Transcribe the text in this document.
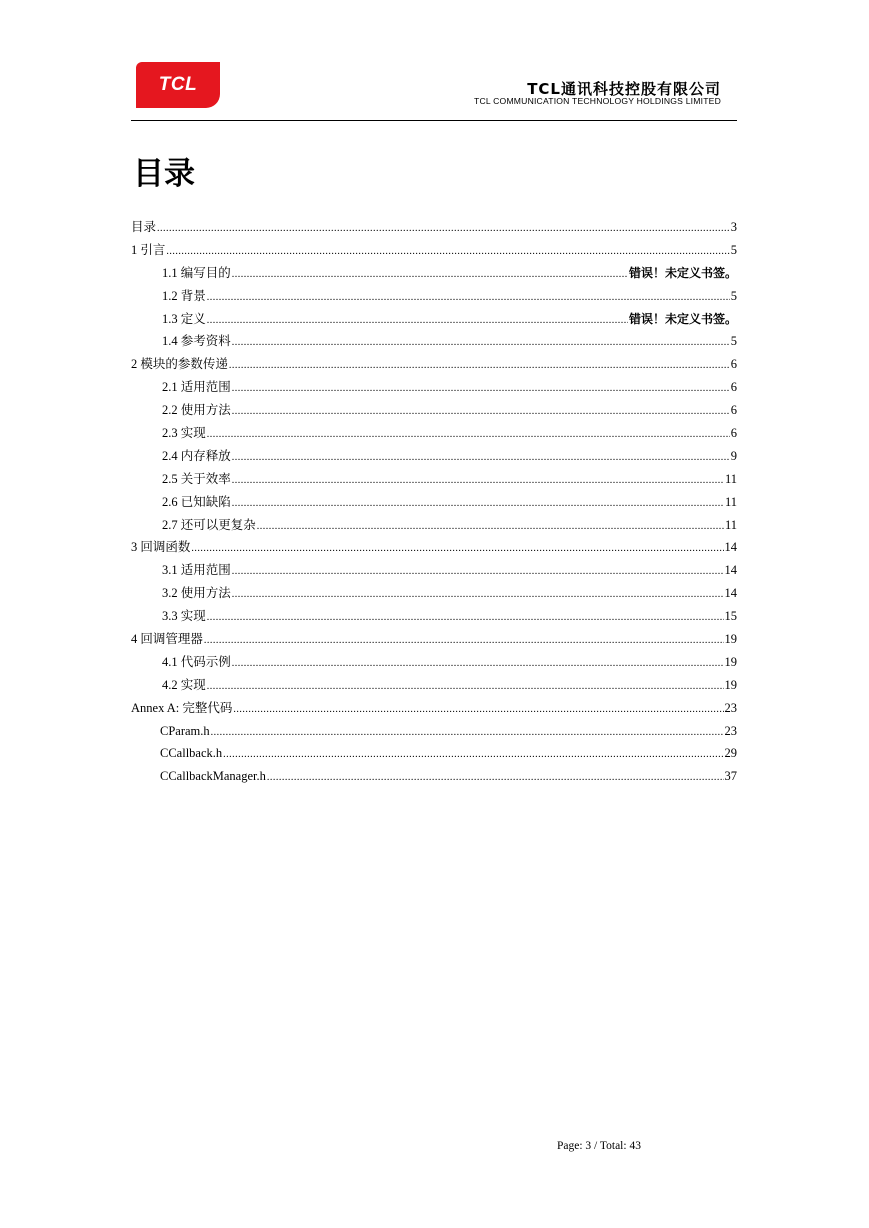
TCL	TCL通讯科技控股有限公司
TCL COMMUNICATION TECHNOLOGY HOLDINGS LIMITED
目录
目录 .....	3
1 引言 .....	5
1.1 编写目的 .....	错误！未定义书签。
1.2 背景 .....	5
1.3 定义 .....	错误！未定义书签。
1.4 参考资料 .....	5
2 模块的参数传递 .....	6
2.1 适用范围 .....	6
2.2 使用方法 .....	6
2.3 实现 .....	6
2.4 内存释放 .....	9
2.5 关于效率 .....	11
2.6 已知缺陷 .....	11
2.7 还可以更复杂 .....	11
3 回调函数 .....	14
3.1 适用范围 .....	14
3.2 使用方法 .....	14
3.3 实现 .....	15
4 回调管理器 .....	19
4.1 代码示例 .....	19
4.2 实现 .....	19
Annex A: 完整代码 .....	23
CParam.h .....	23
CCallback.h .....	29
CCallbackManager.h .....	37
Page: 3 / Total: 43
